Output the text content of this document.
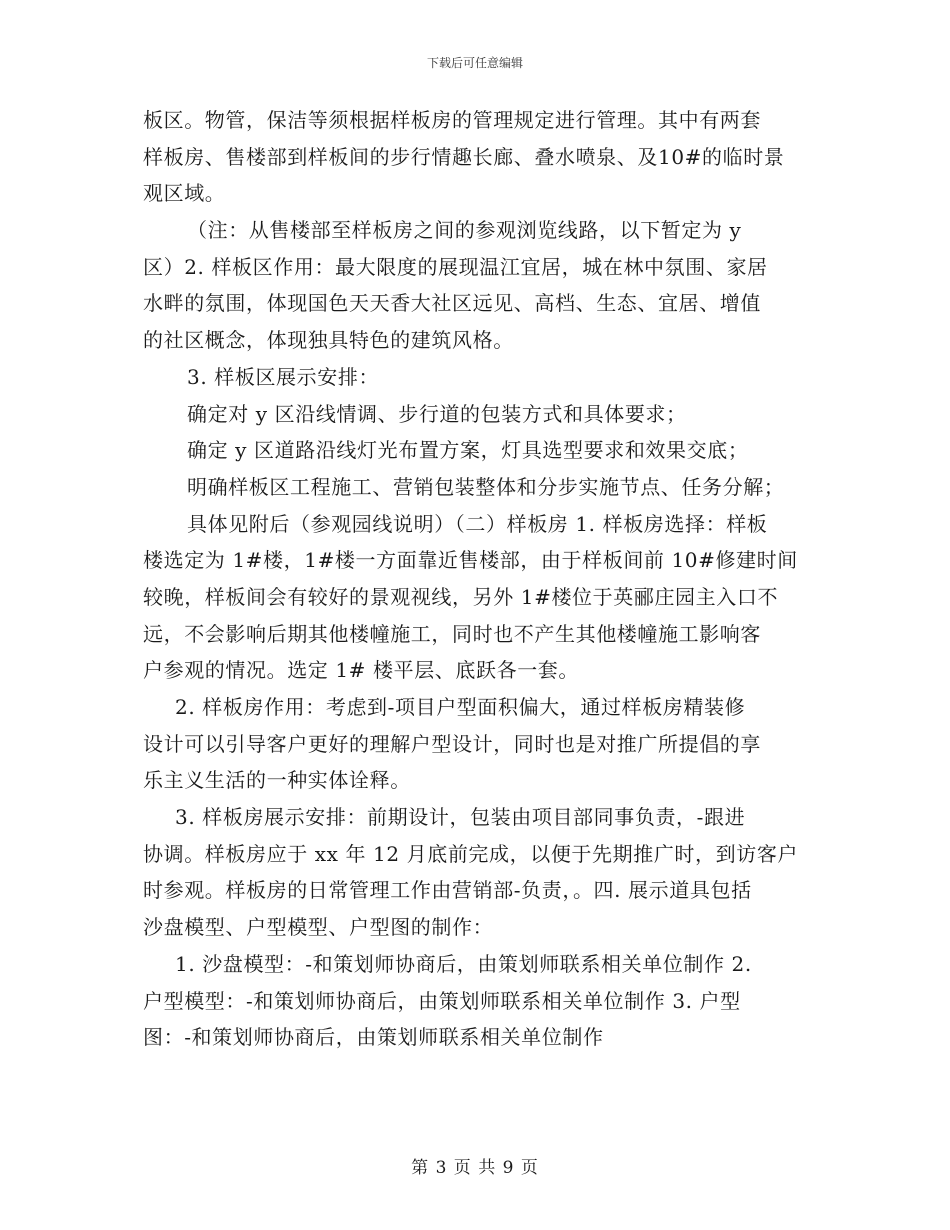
下载后可任意编辑
板区。物管，保洁等须根据样板房的管理规定进行管理。其中有两套
样板房、售楼部到样板间的步行情趣长廊、叠水喷泉、及10#的临时景
观区域。
（注：从售楼部至样板房之间的参观浏览线路，以下暂定为 y
区）2. 样板区作用：最大限度的展现温江宜居，城在林中氛围、家居
水畔的氛围，体现国色天天香大社区远见、高档、生态、宜居、增值
的社区概念，体现独具特色的建筑风格。
3. 样板区展示安排：
确定对 y 区沿线情调、步行道的包装方式和具体要求；
确定 y 区道路沿线灯光布置方案，灯具选型要求和效果交底；
明确样板区工程施工、营销包装整体和分步实施节点、任务分解；
具体见附后（参观园线说明）（二）样板房 1. 样板房选择：样板
楼选定为 1#楼，1#楼一方面靠近售楼部，由于样板间前 10#修建时间
较晚，样板间会有较好的景观视线，另外 1#楼位于英郦庄园主入口不
远，不会影响后期其他楼幢施工，同时也不产生其他楼幢施工影响客
户参观的情况。选定 1# 楼平层、底跃各一套。
2. 样板房作用：考虑到-项目户型面积偏大，通过样板房精装修
设计可以引导客户更好的理解户型设计，同时也是对推广所提倡的享
乐主义生活的一种实体诠释。
3. 样板房展示安排：前期设计，包装由项目部同事负责，-跟进
协调。样板房应于 xx 年 12 月底前完成，以便于先期推广时，到访客户
时参观。样板房的日常管理工作由营销部-负责，。四. 展示道具包括
沙盘模型、户型模型、户型图的制作：
1. 沙盘模型：-和策划师协商后，由策划师联系相关单位制作 2.
户型模型：-和策划师协商后，由策划师联系相关单位制作 3. 户型
图：-和策划师协商后，由策划师联系相关单位制作
第 3 页 共 9 页
